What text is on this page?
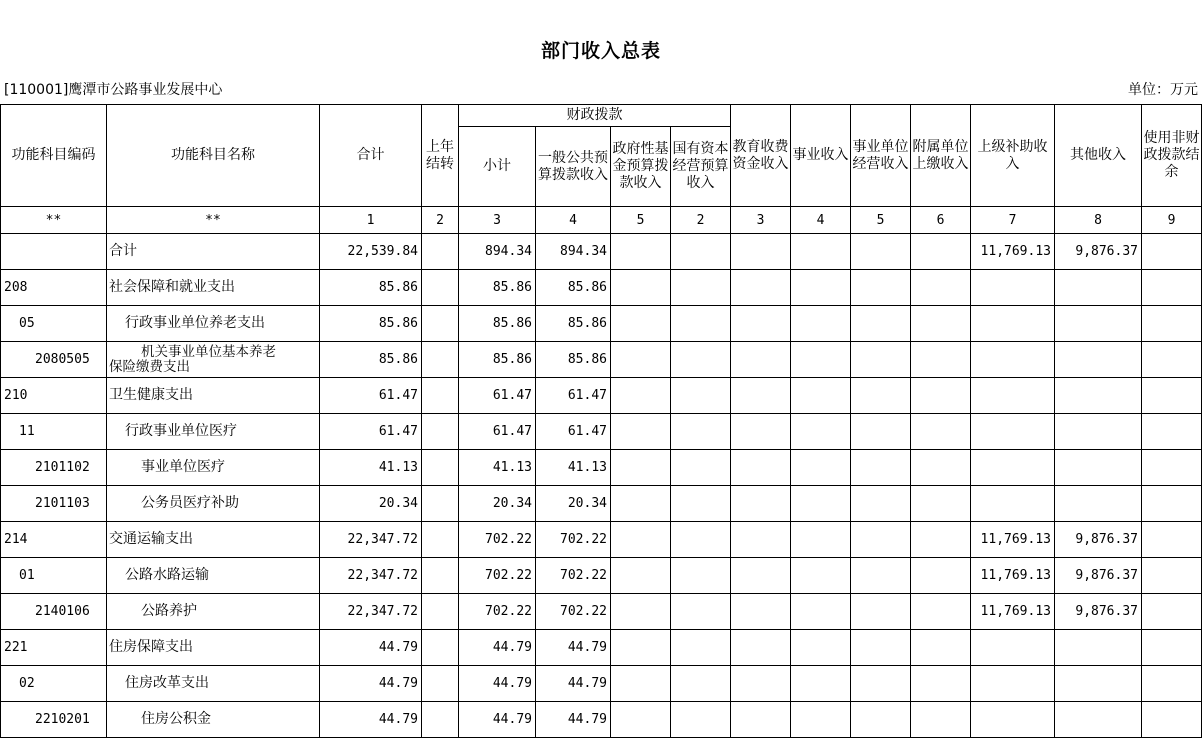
部门收入总表
[110001]鹰潭市公路事业发展中心	单位：万元
功能科目编码	功能科目名称	合计	上年结转	财政拨款				教育收费资金收入	事业收入	事业单位经营收入	附属单位上缴收入	上级补助收入	其他收入	使用非财政拨款结余
				小计	一般公共预算拨款收入	政府性基金预算拨款收入	国有资本经营预算收入							
**	**	1	2	3	4	5	2	3	4	5	6	7	8	9
	合计	22,539.84		894.34	894.34							11,769.13	9,876.37	
208	社会保障和就业支出	85.86		85.86	85.86									
05	行政事业单位养老支出	85.86		85.86	85.86									
2080505	机关事业单位基本养老
保险缴费支出	85.86		85.86	85.86									
210	卫生健康支出	61.47		61.47	61.47									
11	行政事业单位医疗	61.47		61.47	61.47									
2101102	事业单位医疗	41.13		41.13	41.13									
2101103	公务员医疗补助	20.34		20.34	20.34									
214	交通运输支出	22,347.72		702.22	702.22							11,769.13	9,876.37	
01	公路水路运输	22,347.72		702.22	702.22							11,769.13	9,876.37	
2140106	公路养护	22,347.72		702.22	702.22							11,769.13	9,876.37	
221	住房保障支出	44.79		44.79	44.79									
02	住房改革支出	44.79		44.79	44.79									
2210201	住房公积金	44.79		44.79	44.79									
